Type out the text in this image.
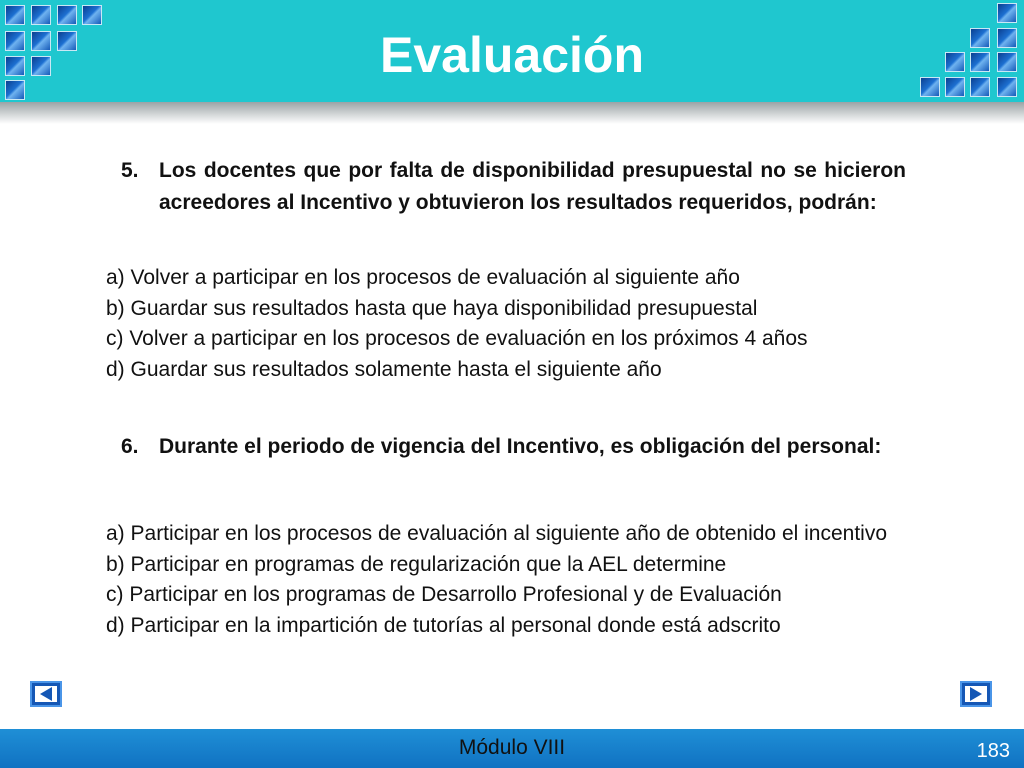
Evaluación
5. Los docentes que por falta de disponibilidad presupuestal no se hicieron acreedores al Incentivo y obtuvieron los resultados requeridos, podrán:
a) Volver a participar en los procesos de evaluación al siguiente año
b) Guardar sus resultados hasta que haya disponibilidad presupuestal
c) Volver a participar en los procesos de evaluación en los próximos 4 años
d) Guardar sus resultados solamente hasta el siguiente año
6. Durante el periodo de vigencia del Incentivo, es obligación del personal:
a) Participar en los procesos de evaluación al siguiente año de obtenido el incentivo
b) Participar en programas de regularización que la AEL determine
c) Participar en los programas de Desarrollo Profesional y de Evaluación
d) Participar en la impartición de tutorías al personal donde está adscrito
Módulo VIII	183
